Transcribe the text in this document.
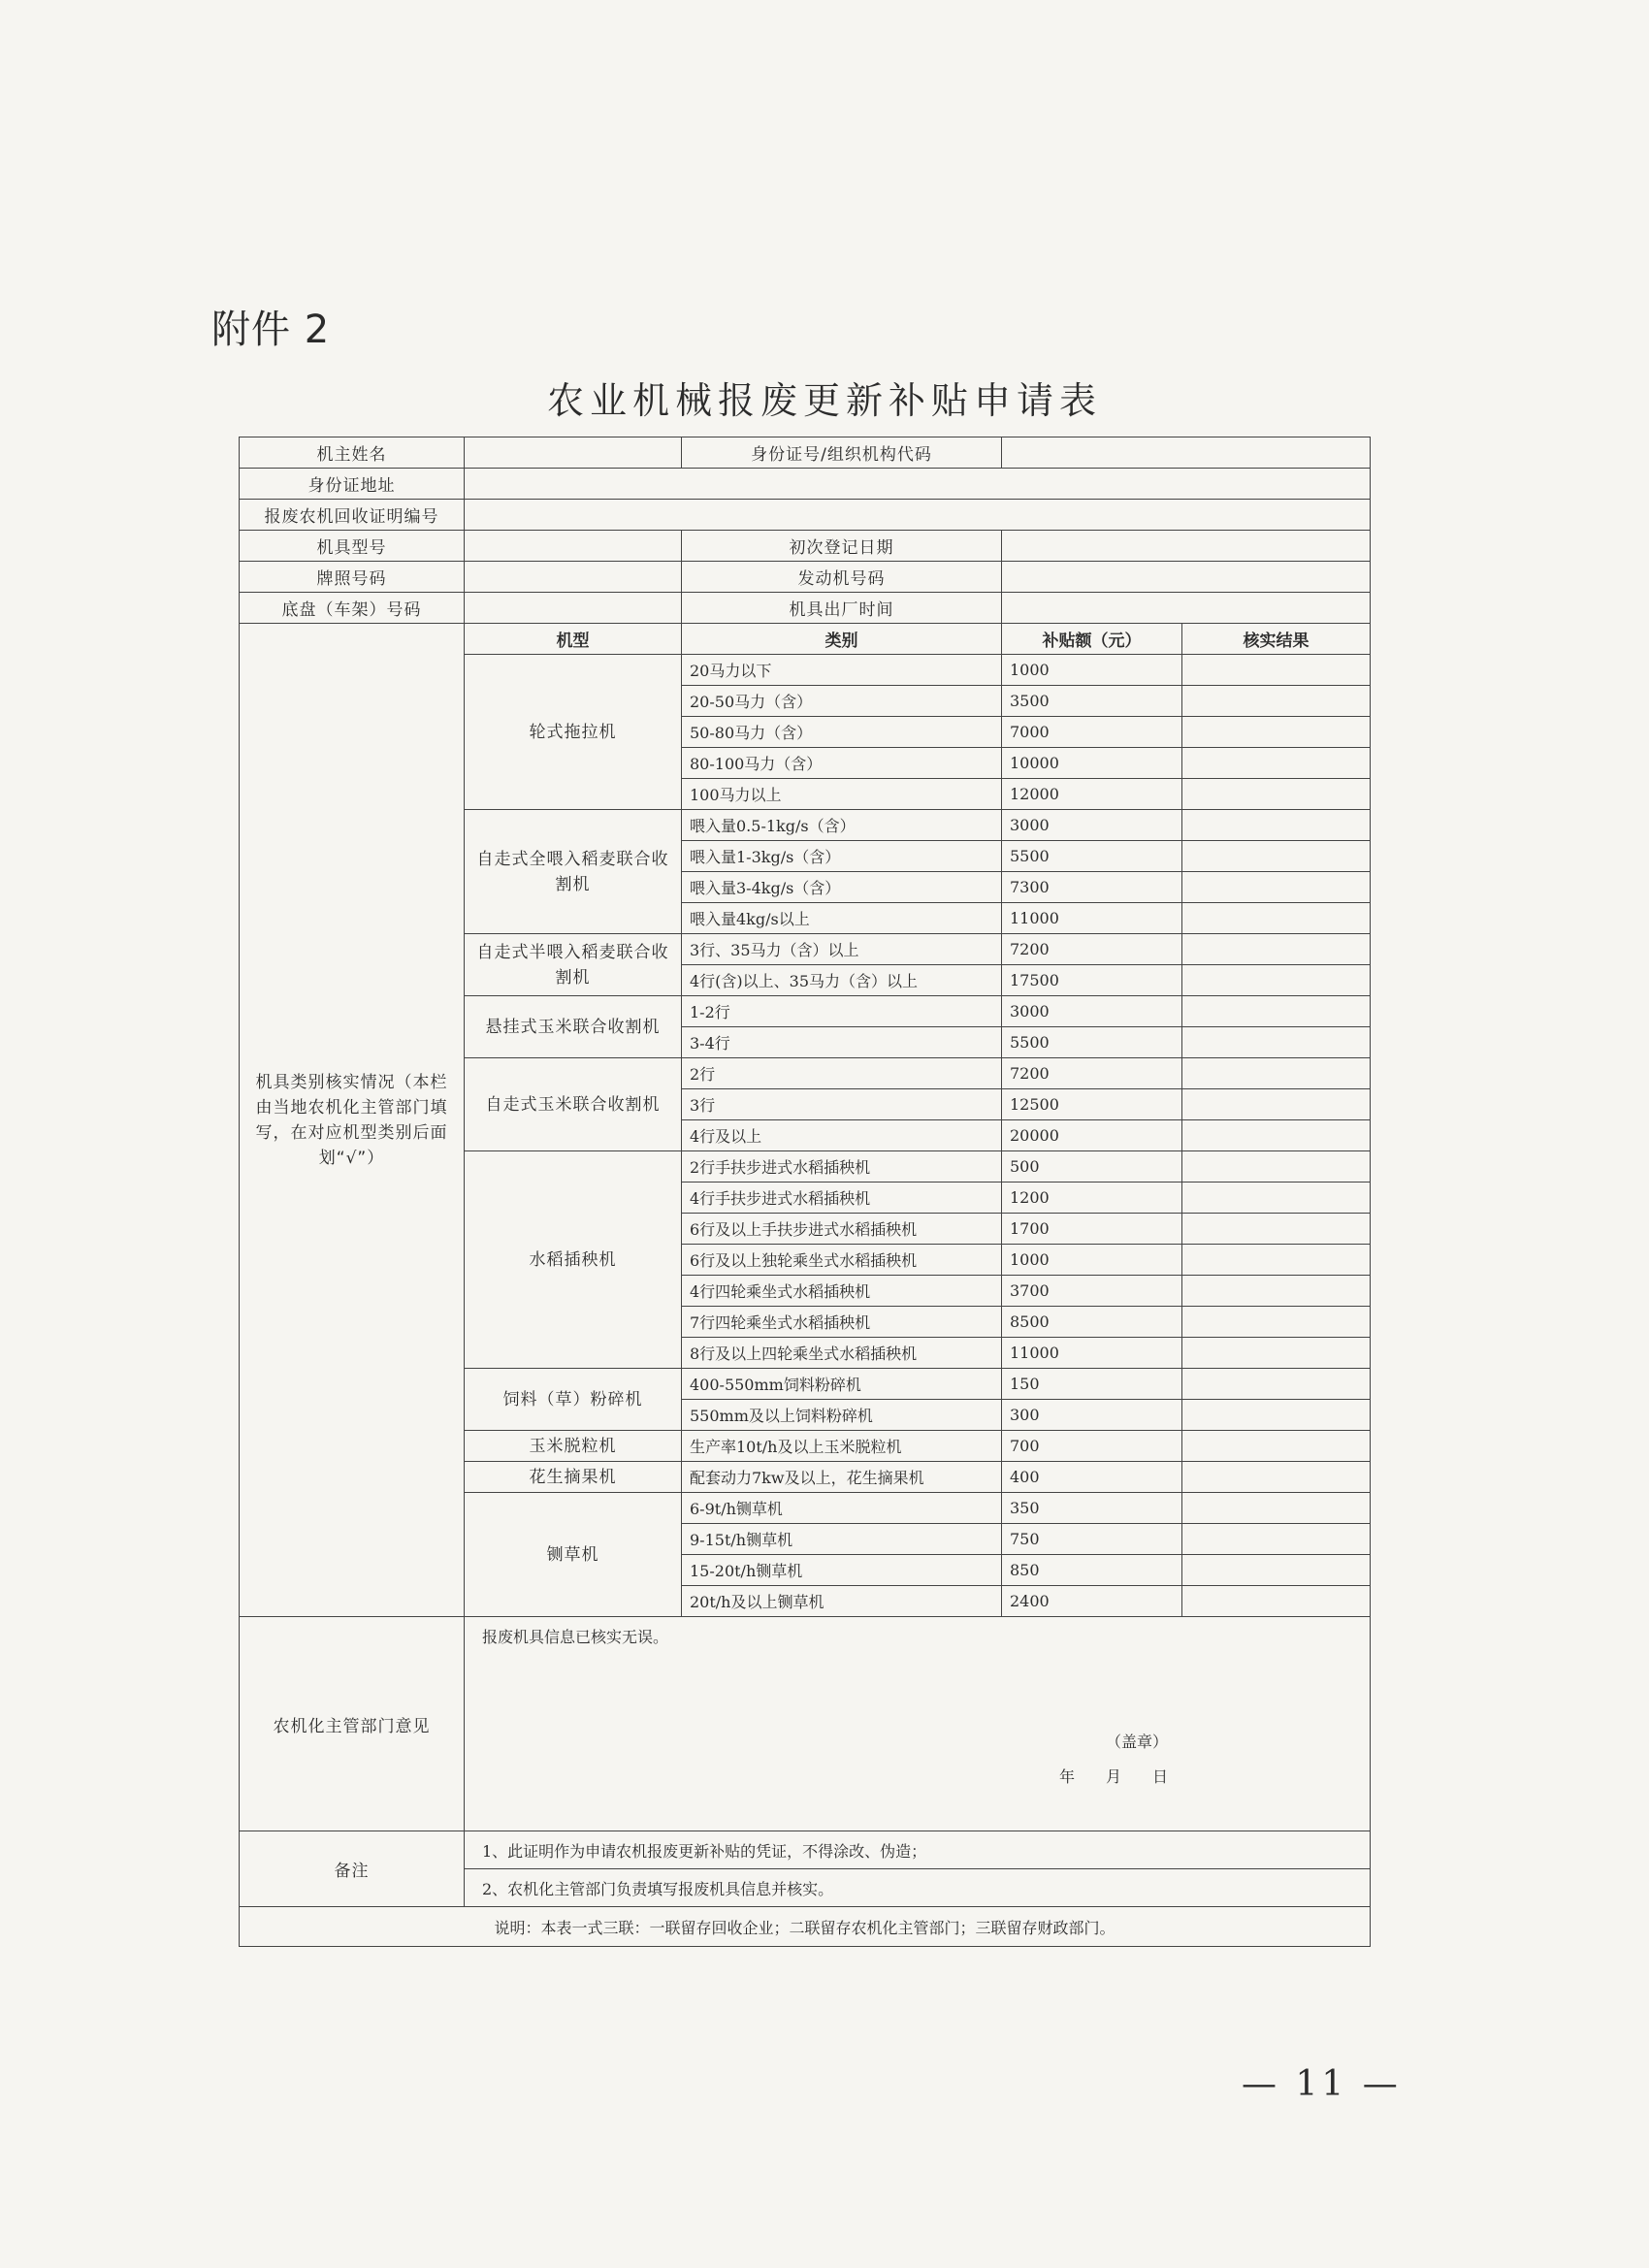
附件 2
农业机械报废更新补贴申请表
机主姓名		身份证号/组织机构代码		
身份证地址				
报废农机回收证明编号				
机具型号		初次登记日期		
牌照号码		发动机号码		
底盘（车架）号码		机具出厂时间		
机具类别核实情况（本栏由当地农机化主管部门填写，在对应机型类别后面划“√”）	机型	类别	补贴额（元）	核实结果
	轮式拖拉机	20马力以下	1000	
		20-50马力（含）	3500	
		50-80马力（含）	7000	
		80-100马力（含）	10000	
		100马力以上	12000	
	自走式全喂入稻麦联合收割机	喂入量0.5-1kg/s（含）	3000	
		喂入量1-3kg/s（含）	5500	
		喂入量3-4kg/s（含）	7300	
		喂入量4kg/s以上	11000	
	自走式半喂入稻麦联合收割机	3行、35马力（含）以上	7200	
		4行(含)以上、35马力（含）以上	17500	
	悬挂式玉米联合收割机	1-2行	3000	
		3-4行	5500	
	自走式玉米联合收割机	2行	7200	
		3行	12500	
		4行及以上	20000	
	水稻插秧机	2行手扶步进式水稻插秧机	500	
		4行手扶步进式水稻插秧机	1200	
		6行及以上手扶步进式水稻插秧机	1700	
		6行及以上独轮乘坐式水稻插秧机	1000	
		4行四轮乘坐式水稻插秧机	3700	
		7行四轮乘坐式水稻插秧机	8500	
		8行及以上四轮乘坐式水稻插秧机	11000	
	饲料（草）粉碎机	400-550mm饲料粉碎机	150	
		550mm及以上饲料粉碎机	300	
	玉米脱粒机	生产率10t/h及以上玉米脱粒机	700	
	花生摘果机	配套动力7kw及以上，花生摘果机	400	
	铡草机	6-9t/h铡草机	350	
		9-15t/h铡草机	750	
		15-20t/h铡草机	850	
		20t/h及以上铡草机	2400	
农机化主管部门意见	报废机具信息已核实无误。
（盖章）
年　　月　　日			

备注	1、此证明作为申请农机报废更新补贴的凭证，不得涂改、伪造；			
	2、农机化主管部门负责填写报废机具信息并核实。			
说明：本表一式三联：一联留存回收企业；二联留存农机化主管部门；三联留存财政部门。				
— 11 —
